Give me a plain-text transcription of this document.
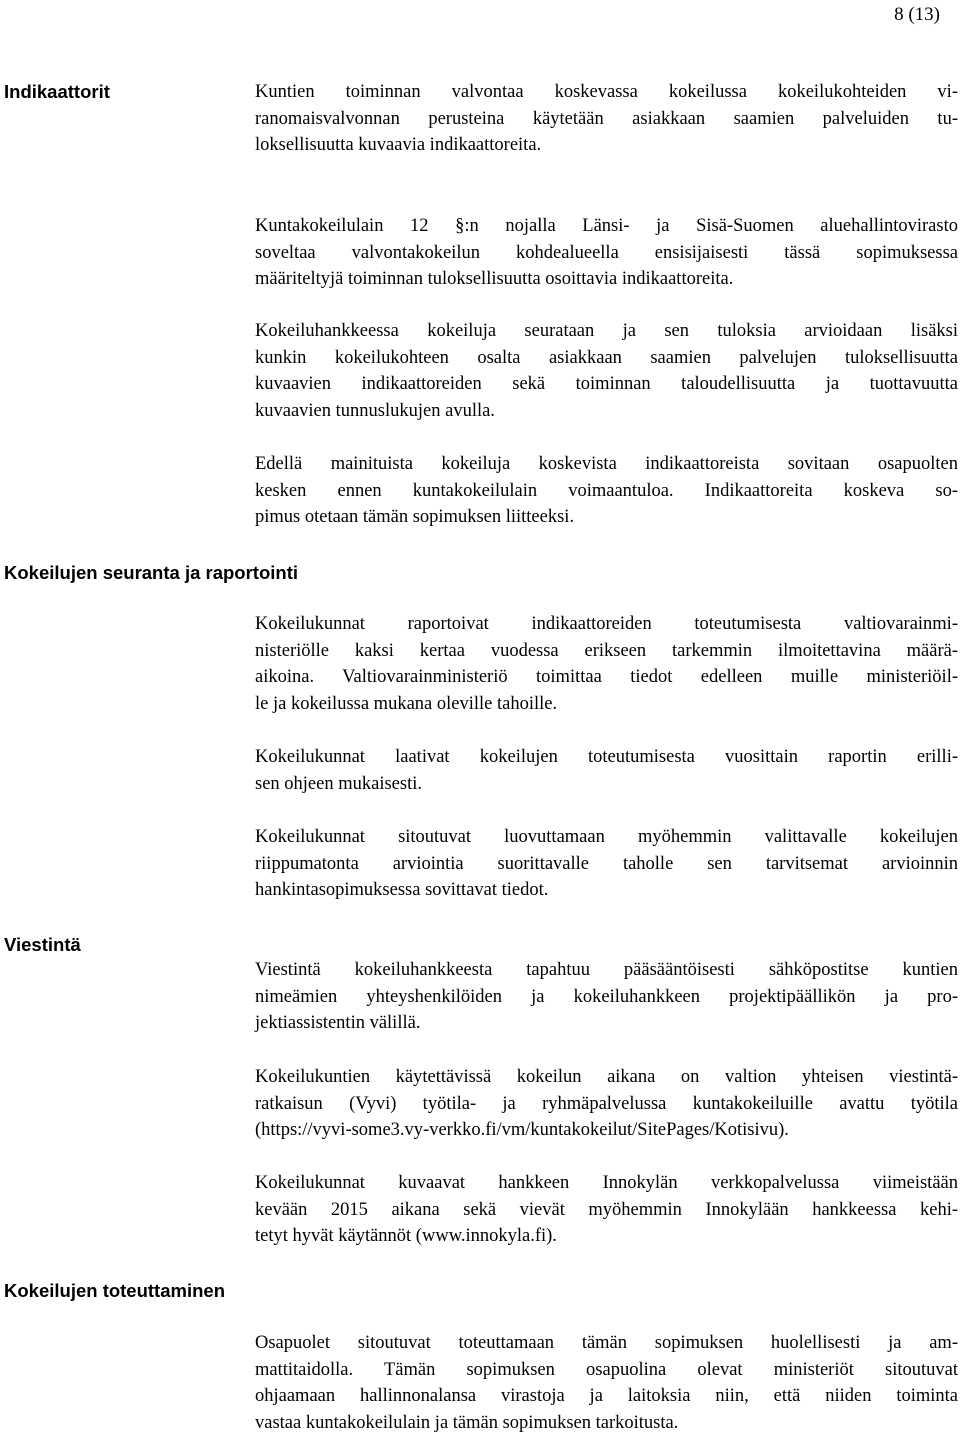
8 (13)
Indikaattorit
Kokeilujen seuranta ja raportointi
Viestintä
Kokeilujen toteuttaminen
Kuntien toiminnan valvontaa koskevassa kokeilussa kokeilukohteiden vi-
ranomaisvalvonnan perusteina käytetään asiakkaan saamien palveluiden tu-
loksellisuutta kuvaavia indikaattoreita.
Kuntakokeilulain 12 §:n nojalla Länsi- ja Sisä-Suomen aluehallintovirasto
soveltaa valvontakokeilun kohdealueella ensisijaisesti tässä sopimuksessa
määriteltyjä toiminnan tuloksellisuutta osoittavia indikaattoreita.
Kokeiluhankkeessa kokeiluja seurataan ja sen tuloksia arvioidaan lisäksi
kunkin kokeilukohteen osalta asiakkaan saamien palvelujen tuloksellisuutta
kuvaavien indikaattoreiden sekä toiminnan taloudellisuutta ja tuottavuutta
kuvaavien tunnuslukujen avulla.
Edellä mainituista kokeiluja koskevista indikaattoreista sovitaan osapuolten
kesken ennen kuntakokeilulain voimaantuloa. Indikaattoreita koskeva so-
pimus otetaan tämän sopimuksen liitteeksi.
Kokeilukunnat raportoivat indikaattoreiden toteutumisesta valtiovarainmi-
nisteriölle kaksi kertaa vuodessa erikseen tarkemmin ilmoitettavina määrä-
aikoina. Valtiovarainministeriö toimittaa tiedot edelleen muille ministeriöil-
le ja kokeilussa mukana oleville tahoille.
Kokeilukunnat laativat kokeilujen toteutumisesta vuosittain raportin erilli-
sen ohjeen mukaisesti.
Kokeilukunnat sitoutuvat luovuttamaan myöhemmin valittavalle kokeilujen
riippumatonta arviointia suorittavalle taholle sen tarvitsemat arvioinnin
hankintasopimuksessa sovittavat tiedot.
Viestintä kokeiluhankkeesta tapahtuu pääsääntöisesti sähköpostitse kuntien
nimeämien yhteyshenkilöiden ja kokeiluhankkeen projektipäällikön ja pro-
jektiassistentin välillä.
Kokeilukuntien käytettävissä kokeilun aikana on valtion yhteisen viestintä-
ratkaisun (Vyvi) työtila- ja ryhmäpalvelussa kuntakokeiluille avattu työtila
(https://vyvi-some3.vy-verkko.fi/vm/kuntakokeilut/SitePages/Kotisivu).
Kokeilukunnat kuvaavat hankkeen Innokylän verkkopalvelussa viimeistään
kevään 2015 aikana sekä vievät myöhemmin Innokylään hankkeessa kehi-
tetyt hyvät käytännöt (www.innokyla.fi).
Osapuolet sitoutuvat toteuttamaan tämän sopimuksen huolellisesti ja am-
mattitaidolla. Tämän sopimuksen osapuolina olevat ministeriöt sitoutuvat
ohjaamaan hallinnonalansa virastoja ja laitoksia niin, että niiden toiminta
vastaa kuntakokeilulain ja tämän sopimuksen tarkoitusta.
